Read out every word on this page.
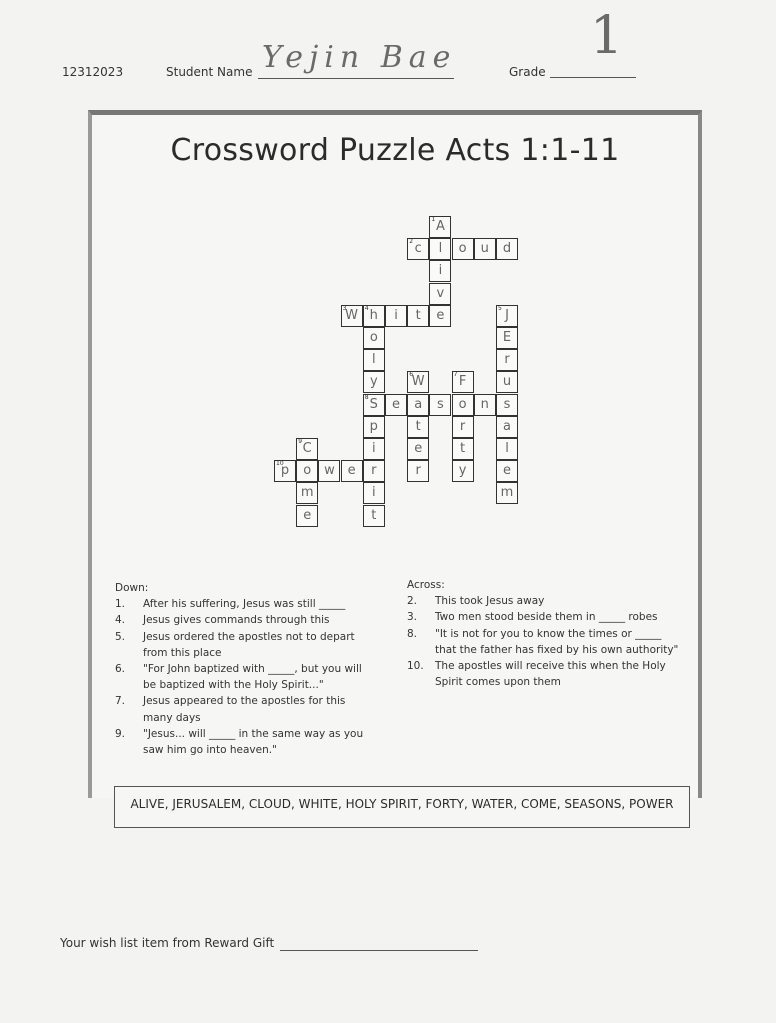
12312023	Student Name Yejin Bae	Grade
1
Crossword Puzzle Acts 1:1-11
1 A
2 c	l	o	u	d
i
v
3
W	4 h	i	t	e	5 J
o	E
l	r
y	6
W	7 F	u
8 S	e	a	s	o	n	s
p	t	r	a
9 C	i	e	t	l
10
p	o w e	r	r	y	e
m	i	m
e	t
Down:
1. After his suffering, Jesus was still _____
4. Jesus gives commands through this
5. Jesus ordered the apostles not to depart from this place
6. "For John baptized with _____, but you will be baptized with the Holy Spirit..."
7. Jesus appeared to the apostles for this many days
9. "Jesus... will _____ in the same way as you saw him go into heaven."
Across:
2. This took Jesus away
3. Two men stood beside them in _____ robes
8. "It is not for you to know the times or _____ that the father has fixed by his own authority"
10. The apostles will receive this when the Holy Spirit comes upon them
ALIVE, JERUSALEM, CLOUD, WHITE, HOLY SPIRIT, FORTY, WATER, COME, SEASONS, POWER
Your wish list item from Reward Gift
